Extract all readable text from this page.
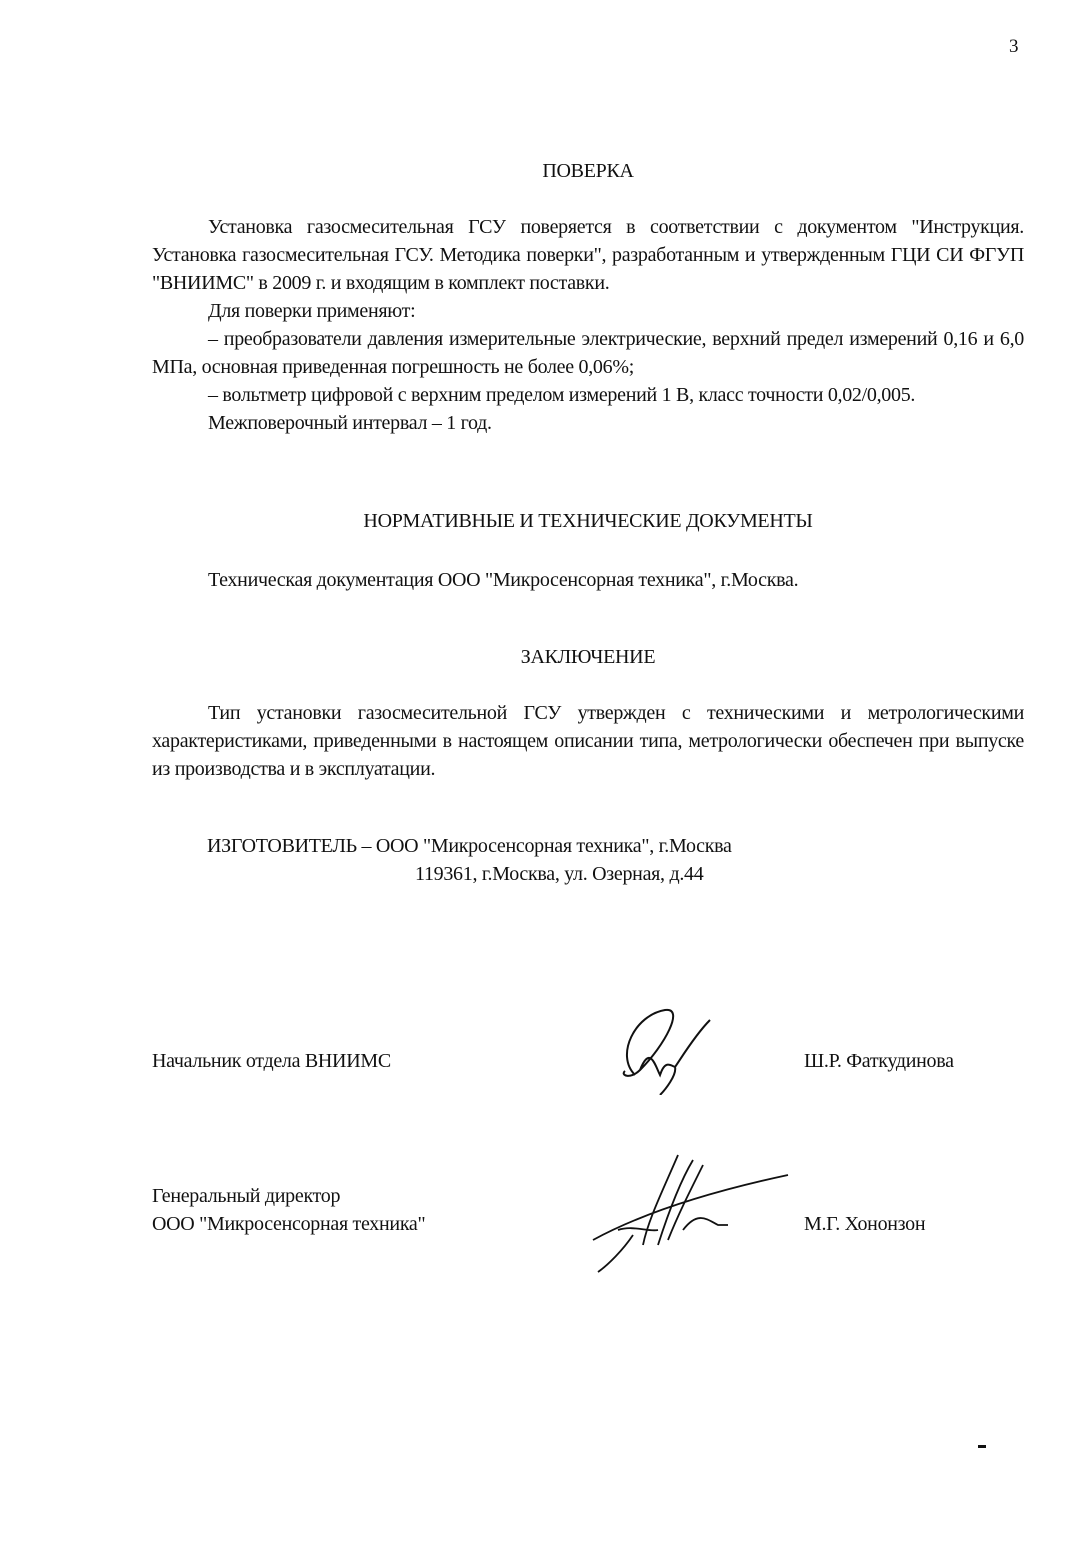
3
ПОВЕРКА

Установка газосмесительная ГСУ поверяется в соответствии с документом "Инструкция. Установка газосмесительная ГСУ. Методика поверки", разработанным и утвержденным ГЦИ СИ ФГУП "ВНИИМС" в 2009 г. и входящим в комплект поставки.

Для поверки применяют:

– преобразователи давления измерительные электрические, верхний предел измерений 0,16 и 6,0 МПа, основная приведенная погрешность не более 0,06%;

– вольтметр цифровой с верхним пределом измерений 1 В, класс точности 0,02/0,005.

Межповерочный интервал – 1 год.

НОРМАТИВНЫЕ И ТЕХНИЧЕСКИЕ ДОКУМЕНТЫ

Техническая документация ООО "Микросенсорная техника", г.Москва.

ЗАКЛЮЧЕНИЕ

Тип установки газосмесительной ГСУ утвержден с техническими и метрологическими характеристиками, приведенными в настоящем описании типа, метрологически обеспечен при выпуске из производства и в эксплуатации.

ИЗГОТОВИТЕЛЬ – ООО "Микросенсорная техника", г.Москва
119361, г.Москва, ул. Озерная, д.44
Начальник отдела ВНИИМС	Ш.Р. Фаткудинова
Генеральный директор
ООО "Микросенсорная техника"	М.Г. Хононзон
